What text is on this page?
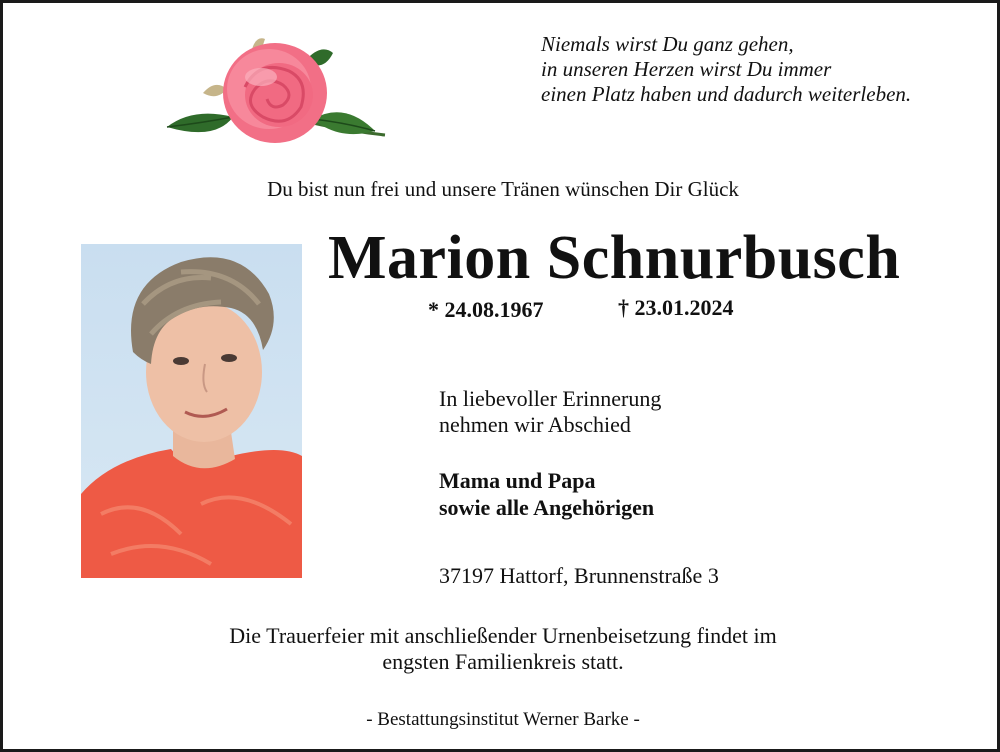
Niemals wirst Du ganz gehen,
in unseren Herzen wirst Du immer
einen Platz haben und dadurch weiterleben.

Du bist nun frei und unsere Tränen wünschen Dir Glück

Marion Schnurbusch
* 24.08.1967	† 23.01.2024

In liebevoller Erinnerung
nehmen wir Abschied

Mama und Papa
sowie alle Angehörigen

37197 Hattorf, Brunnenstraße 3

Die Trauerfeier mit anschließender Urnenbeisetzung findet im
engsten Familienkreis statt.

- Bestattungsinstitut Werner Barke -
